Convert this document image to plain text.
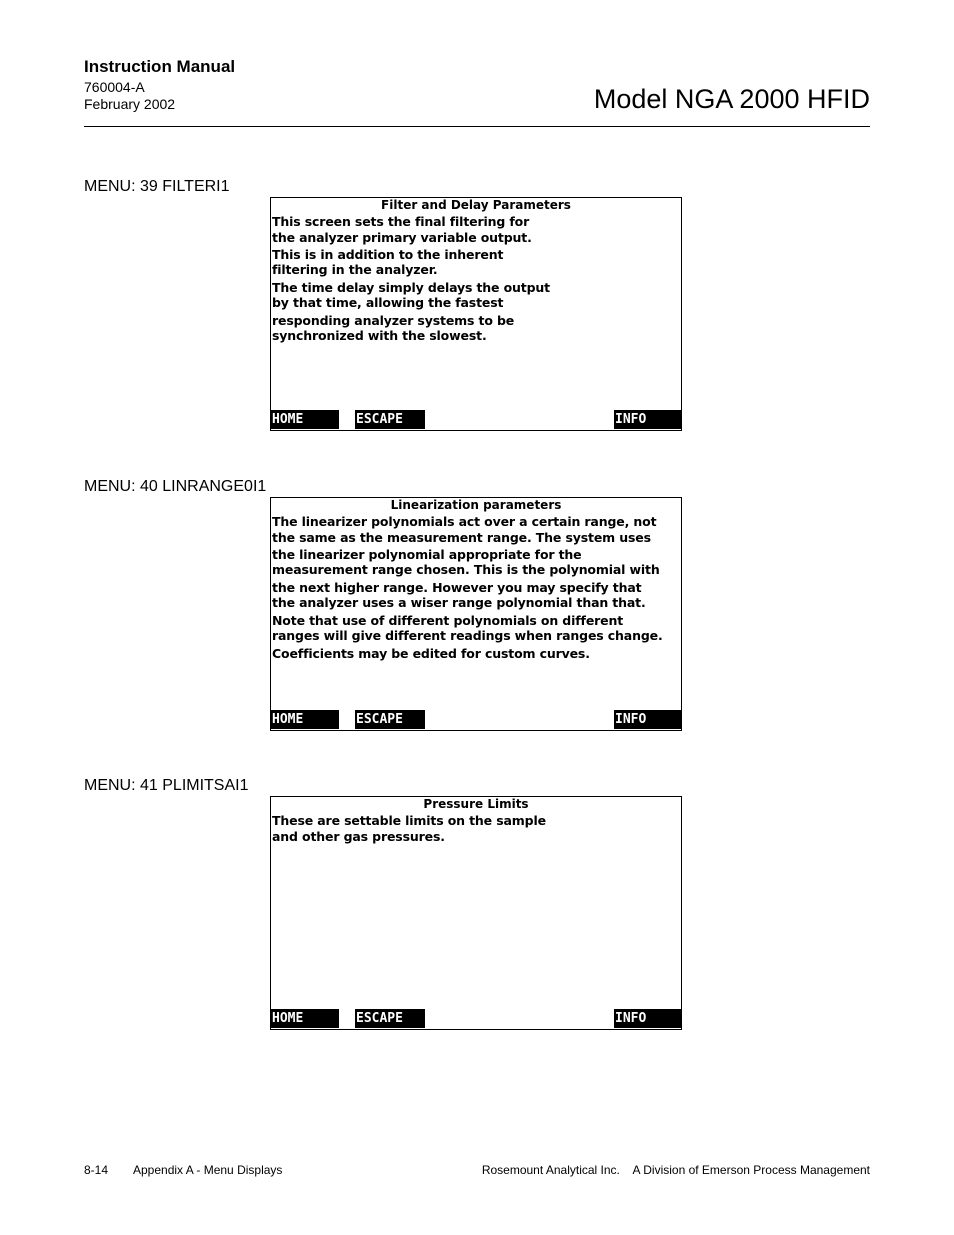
Instruction Manual
760004-A
February 2002	Model NGA 2000 HFID
MENU: 39 FILTERI1
Filter and Delay Parameters
This screen sets the final filtering for
the analyzer primary variable output.
This is in addition to the inherent
filtering in the analyzer.
The time delay simply delays the output
by that time, allowing the fastest
responding analyzer systems to be
synchronized with the slowest.
HOME	ESCAPE	INFO
MENU: 40 LINRANGE0I1
Linearization parameters
The linearizer polynomials act over a certain range, not
the same as the measurement range. The system uses
the linearizer polynomial appropriate for the
measurement range chosen. This is the polynomial with
the next higher range. However you may specify that
the analyzer uses a wiser range polynomial than that.
Note that use of different polynomials on different
ranges will give different readings when ranges change.
Coefficients may be edited for custom curves.
HOME	ESCAPE	INFO
MENU: 41 PLIMITSAI1
Pressure Limits
These are settable limits on the sample
and other gas pressures.
HOME	ESCAPE	INFO
8-14 Appendix A - Menu Displays	Rosemount Analytical Inc.    A Division of Emerson Process Management
